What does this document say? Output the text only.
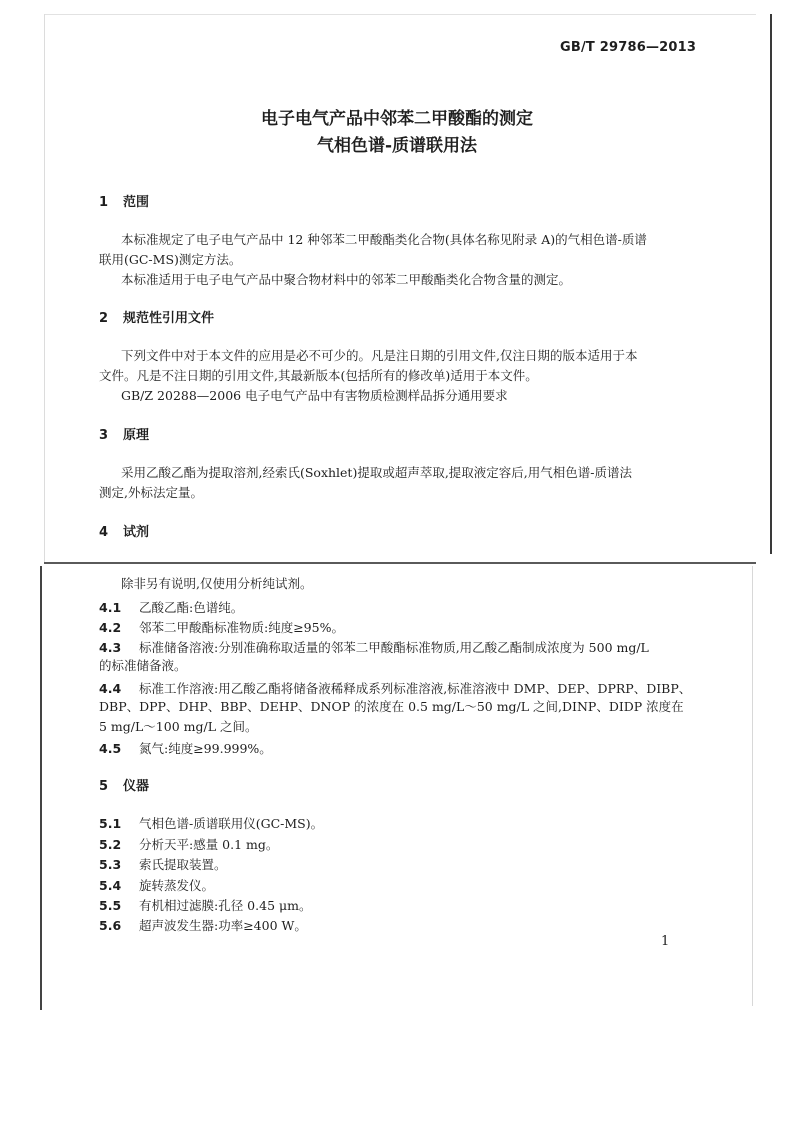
GB/T 29786—2013
电子电气产品中邻苯二甲酸酯的测定
气相色谱-质谱联用法
1 范围
本标准规定了电子电气产品中 12 种邻苯二甲酸酯类化合物(具体名称见附录 A)的气相色谱-质谱
联用(GC-MS)测定方法。
本标准适用于电子电气产品中聚合物材料中的邻苯二甲酸酯类化合物含量的测定。
2 规范性引用文件
下列文件中对于本文件的应用是必不可少的。凡是注日期的引用文件,仅注日期的版本适用于本
文件。凡是不注日期的引用文件,其最新版本(包括所有的修改单)适用于本文件。
GB/Z 20288—2006 电子电气产品中有害物质检测样品拆分通用要求
3 原理
采用乙酸乙酯为提取溶剂,经索氏(Soxhlet)提取或超声萃取,提取液定容后,用气相色谱-质谱法
测定,外标法定量。
4 试剂
除非另有说明,仅使用分析纯试剂。
4.1 乙酸乙酯:色谱纯。
4.2 邻苯二甲酸酯标准物质:纯度≥95%。
4.3 标准储备溶液:分别准确称取适量的邻苯二甲酸酯标准物质,用乙酸乙酯制成浓度为 500 mg/L
的标准储备液。
4.4 标准工作溶液:用乙酸乙酯将储备液稀释成系列标准溶液,标准溶液中 DMP、DEP、DPRP、DIBP、
DBP、DPP、DHP、BBP、DEHP、DNOP 的浓度在 0.5 mg/L～50 mg/L 之间,DINP、DIDP 浓度在
5 mg/L～100 mg/L 之间。
4.5 氮气:纯度≥99.999%。
5 仪器
5.1 气相色谱-质谱联用仪(GC-MS)。
5.2 分析天平:感量 0.1 mg。
5.3 索氏提取装置。
5.4 旋转蒸发仪。
5.5 有机相过滤膜:孔径 0.45 μm。
5.6 超声波发生器:功率≥400 W。
1
